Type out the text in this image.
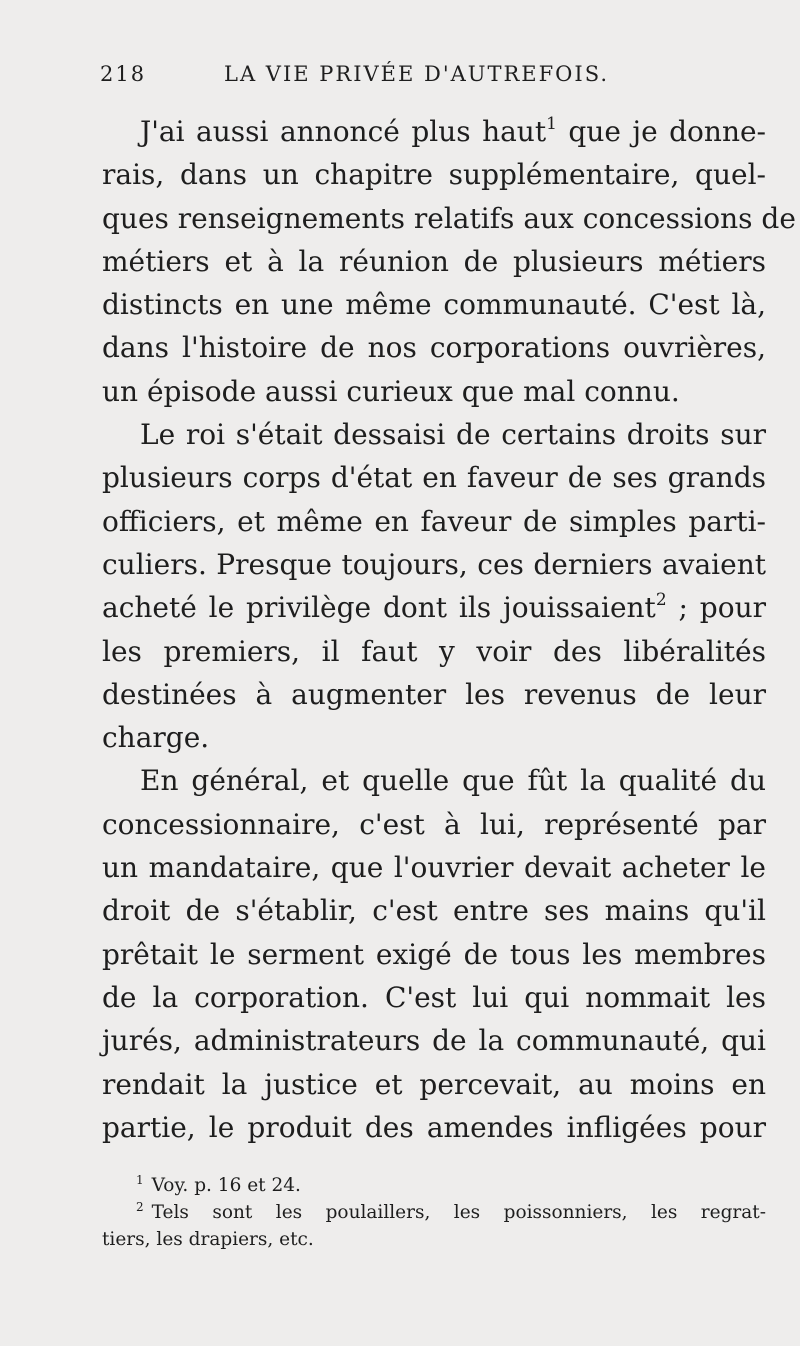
218	LA VIE PRIVÉE D'AUTREFOIS.
J'ai aussi annoncé plus haut$^1$ que je donne-
rais, dans un chapitre supplémentaire, quel-
ques renseignements relatifs aux concessions de
métiers et à la réunion de plusieurs métiers
distincts en une même communauté. C'est là,
dans l'histoire de nos corporations ouvrières,
un épisode aussi curieux que mal connu.
Le roi s'était dessaisi de certains droits sur
plusieurs corps d'état en faveur de ses grands
officiers, et même en faveur de simples parti-
culiers. Presque toujours, ces derniers avaient
acheté le privilège dont ils jouissaient$^2$ ; pour
les premiers, il faut y voir des libéralités
destinées à augmenter les revenus de leur
charge.
En général, et quelle que fût la qualité du
concessionnaire, c'est à lui, représenté par
un mandataire, que l'ouvrier devait acheter le
droit de s'établir, c'est entre ses mains qu'il
prêtait le serment exigé de tous les membres
de la corporation. C'est lui qui nommait les
jurés, administrateurs de la communauté, qui
rendait la justice et percevait, au moins en
partie, le produit des amendes infligées pour
$^1$ Voy. p. 16 et 24.
$^2$ Tels sont les poulaillers, les poissonniers, les regrat-
tiers, les drapiers, etc.
